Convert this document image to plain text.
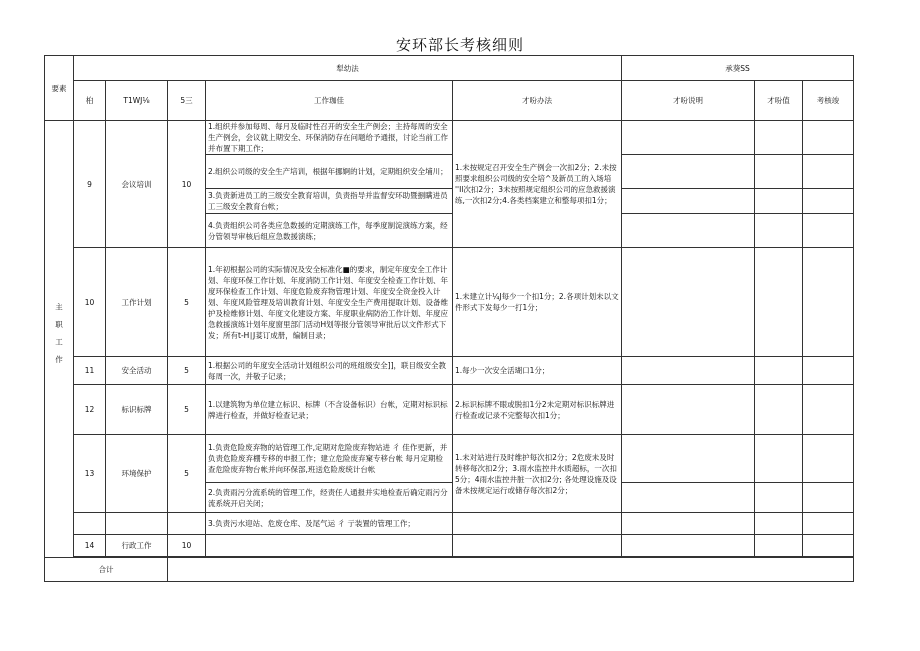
安环部长考核细则
要素	犁幼法					承葵SS		
	桕	T1WJ⅛	5三	工作珈佳	才吩办法	才吩说明	才吩值	考核竣
主职工作	9	会议培训	10	1.组织并参加每周、每月及临时性召开的安全生产例会；主持每周的安全生产例会，会议就上期安全、环保消防存在问题给予通报，讨论当前工作并布置下期工作；	1.未按规定召开安全生产例会一次扣2分；2.未按照要求组织公司级的安全培^及新员工的入场培 ''Il次扣2分；3未按照规定组织公司的应急救援演练,一次扣2分;4.各类档案建立和整每项扣1分；			
				2.组织公司级的安全生产培训，根据年挪婀的计划，定期组织安全埔川；				
				3.负责新进员工的三级安全教育培训，负责指导并监督安环助暨捌瞒进员工三级安全教育台帐；				
				4.负责组织公司各类应急数援的定期演练工作，每季度制淀演练方案，经分管领导审核后组应急数援演练；				
	10	工作计划	5	1.年初根据公司的实际情况及安全标准化■的要求，制定年度安全工作计划、年度环保工作计划、年度消防工作计划、年度安全检查工作计划、年度环保检查工作计划、年度危险废弃物管理计划、年度安全资金投入计划、年度风险管理及培训教育计划、年度安全生产费用提取计划、设备维护及检维修计划、年度文化建设方案、年度职业病防治工作计划、年度应急救援演练计划年度窗里部门活动H划等报分管领导审批后以文件形式下发；所有t-H∣J荽订成册，编制目录；	1.未建立计¼J每少一个扣1分；2.各项计划未以文件形式下发每少一打1分；			
	11	安全活动	5	1.根据公司的年度安全活动计划组织公司的班组级安全]]，联目级安全教每周一次，并敬子记录；	1.每少一次安全活瑚口1分；			
	12	标识标牌	5	1.以建筑物为单位建立标识、标牌（不含设备标识）台帐，定期对标识标牌进行检查，并做好检查记录；	2.标识标牌不眼或脱扣1分2未定期对标识标牌进行检查或记录不完整每次扣1分；			
	13	环境保护	5	1.负责危险废弃物的站管理工作,定期对危险废弃物站进 彳 佳作更新，并负责危险废弃棚专移的申报工作；建立危险废弃窠专移台帐 每月定期检查危险废弃物台帐并向环保部,班送危险废统计台帐	1.未对站进行及时维护每次扣2分；2危废未及时转移每次扣2分；3.雨水监控井水质超标，一次扣5分；4雨水监控井脏一次扣2分; 各处理设施及设备未按规定运行或储存每次扣2分；			
				2.负责雨污分流系统的管理工作，经责任人通报并实地检查后确定雨污分流系统开启关闭；				
				3.负责污水迎站、危废仓库、及尾气运 彳 亍装置的管理工作；				
	14	行政工作	10					

合计								
